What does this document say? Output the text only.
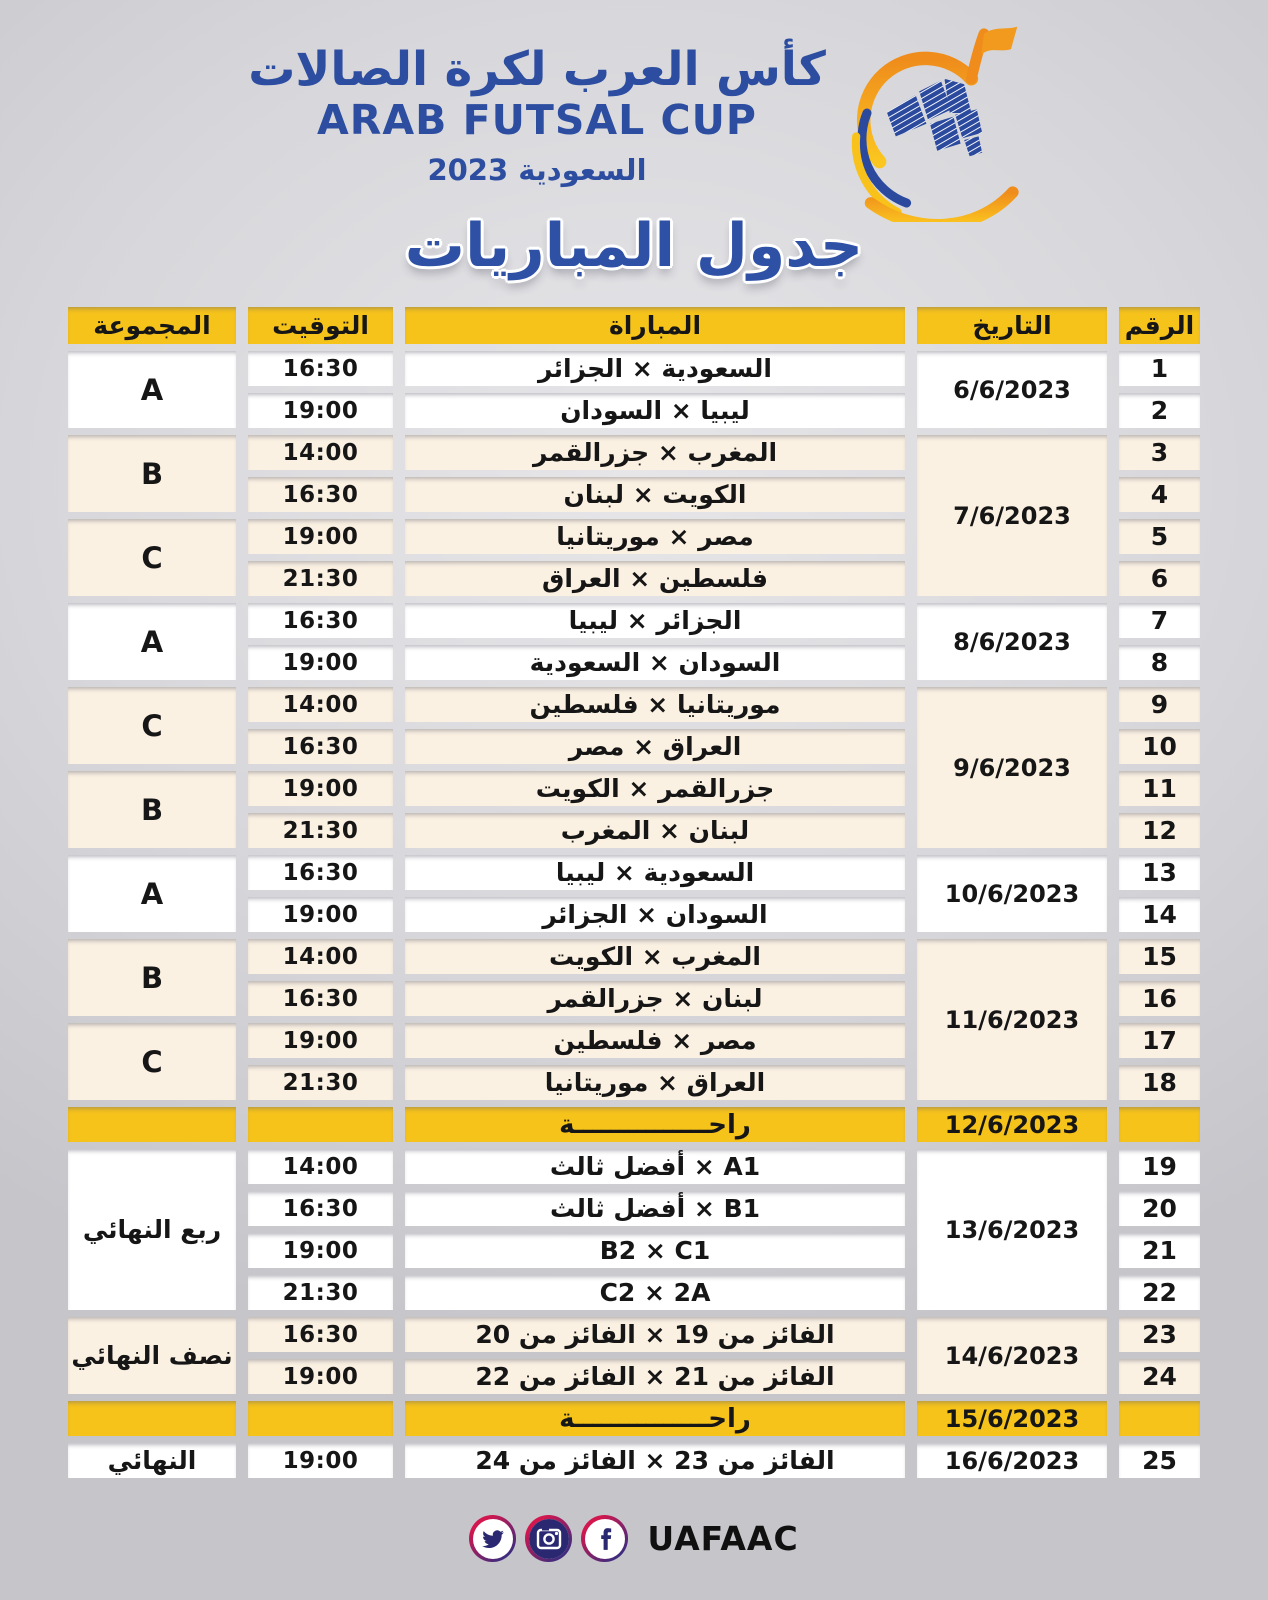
كأس العرب لكرة الصالات
ARAB FUTSAL CUP
السعودية 2023
جدول المباريات
الرقم	التاريخ	المباراة	التوقيت	المجموعة
1	6/6/2023	السعودية × الجزائر	16:30	A
2		ليبيا × السودان	19:00	
3	7/6/2023	المغرب × جزرالقمر	14:00	B
4		الكويت × لبنان	16:30	
5		مصر × موريتانيا	19:00	C
6		فلسطين × العراق	21:30	
7	8/6/2023	الجزائر × ليبيا	16:30	A
8		السودان × السعودية	19:00	
9	9/6/2023	موريتانيا × فلسطين	14:00	C
10		العراق × مصر	16:30	
11		جزرالقمر × الكويت	19:00	B
12		لبنان × المغرب	21:30	
13	10/6/2023	السعودية × ليبيا	16:30	A
14		السودان × الجزائر	19:00	
15	11/6/2023	المغرب × الكويت	14:00	B
16		لبنان × جزرالقمر	16:30	
17		مصر × فلسطين	19:00	C
18		العراق × موريتانيا	21:30	
	12/6/2023	راحـــــــــــــــة		
19	13/6/2023	A1 × أفضل ثالث	14:00	ربع النهائي
20		B1 × أفضل ثالث	16:30	
21		B2 × C1	19:00	
22		C2 × 2A	21:30	
23	14/6/2023	الفائز من 19 × الفائز من 20	16:30	نصف النهائي
24		الفائز من 21 × الفائز من 22	19:00	
	15/6/2023	راحـــــــــــــــة		
25	16/6/2023	الفائز من 23 × الفائز من 24	19:00	النهائي
UAFAAC
